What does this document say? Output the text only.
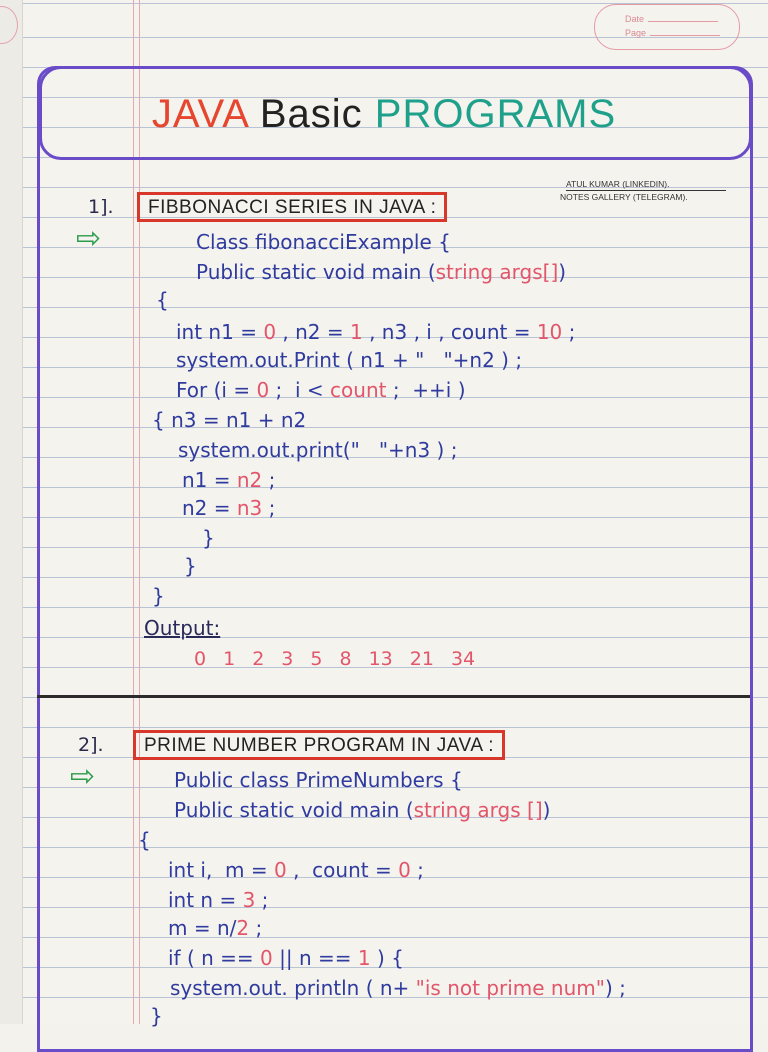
Date
Page
JAVA Basic PROGRAMS
ATUL KUMAR (LINKEDIN).

NOTES GALLERY (TELEGRAM).
1].	FIBBONACCI SERIES IN JAVA :
⇨	Class fibonacciExample {
Public static void main (string args[])
{
int n1 = 0 , n2 = 1 , n3 , i , count = 10 ;
system.out.Print ( n1 + "   "+n2 ) ;
For (i = 0 ;  i < count ;  ++i )
{ n3 = n1 + n2
system.out.print("   "+n3 ) ;
n1 = n2 ;
n2 = n3 ;
}
}
}
Output:
0 1 2 3 5 8 13 21 34
2].	PRIME NUMBER PROGRAM IN JAVA :
⇨	Public class PrimeNumbers {
Public static void main (string args [])
{
int i,  m = 0 ,  count = 0 ;
int n = 3 ;
m = n/2 ;
if ( n == 0 || n == 1 ) {
system.out. println ( n+ "is not prime num") ;
}
